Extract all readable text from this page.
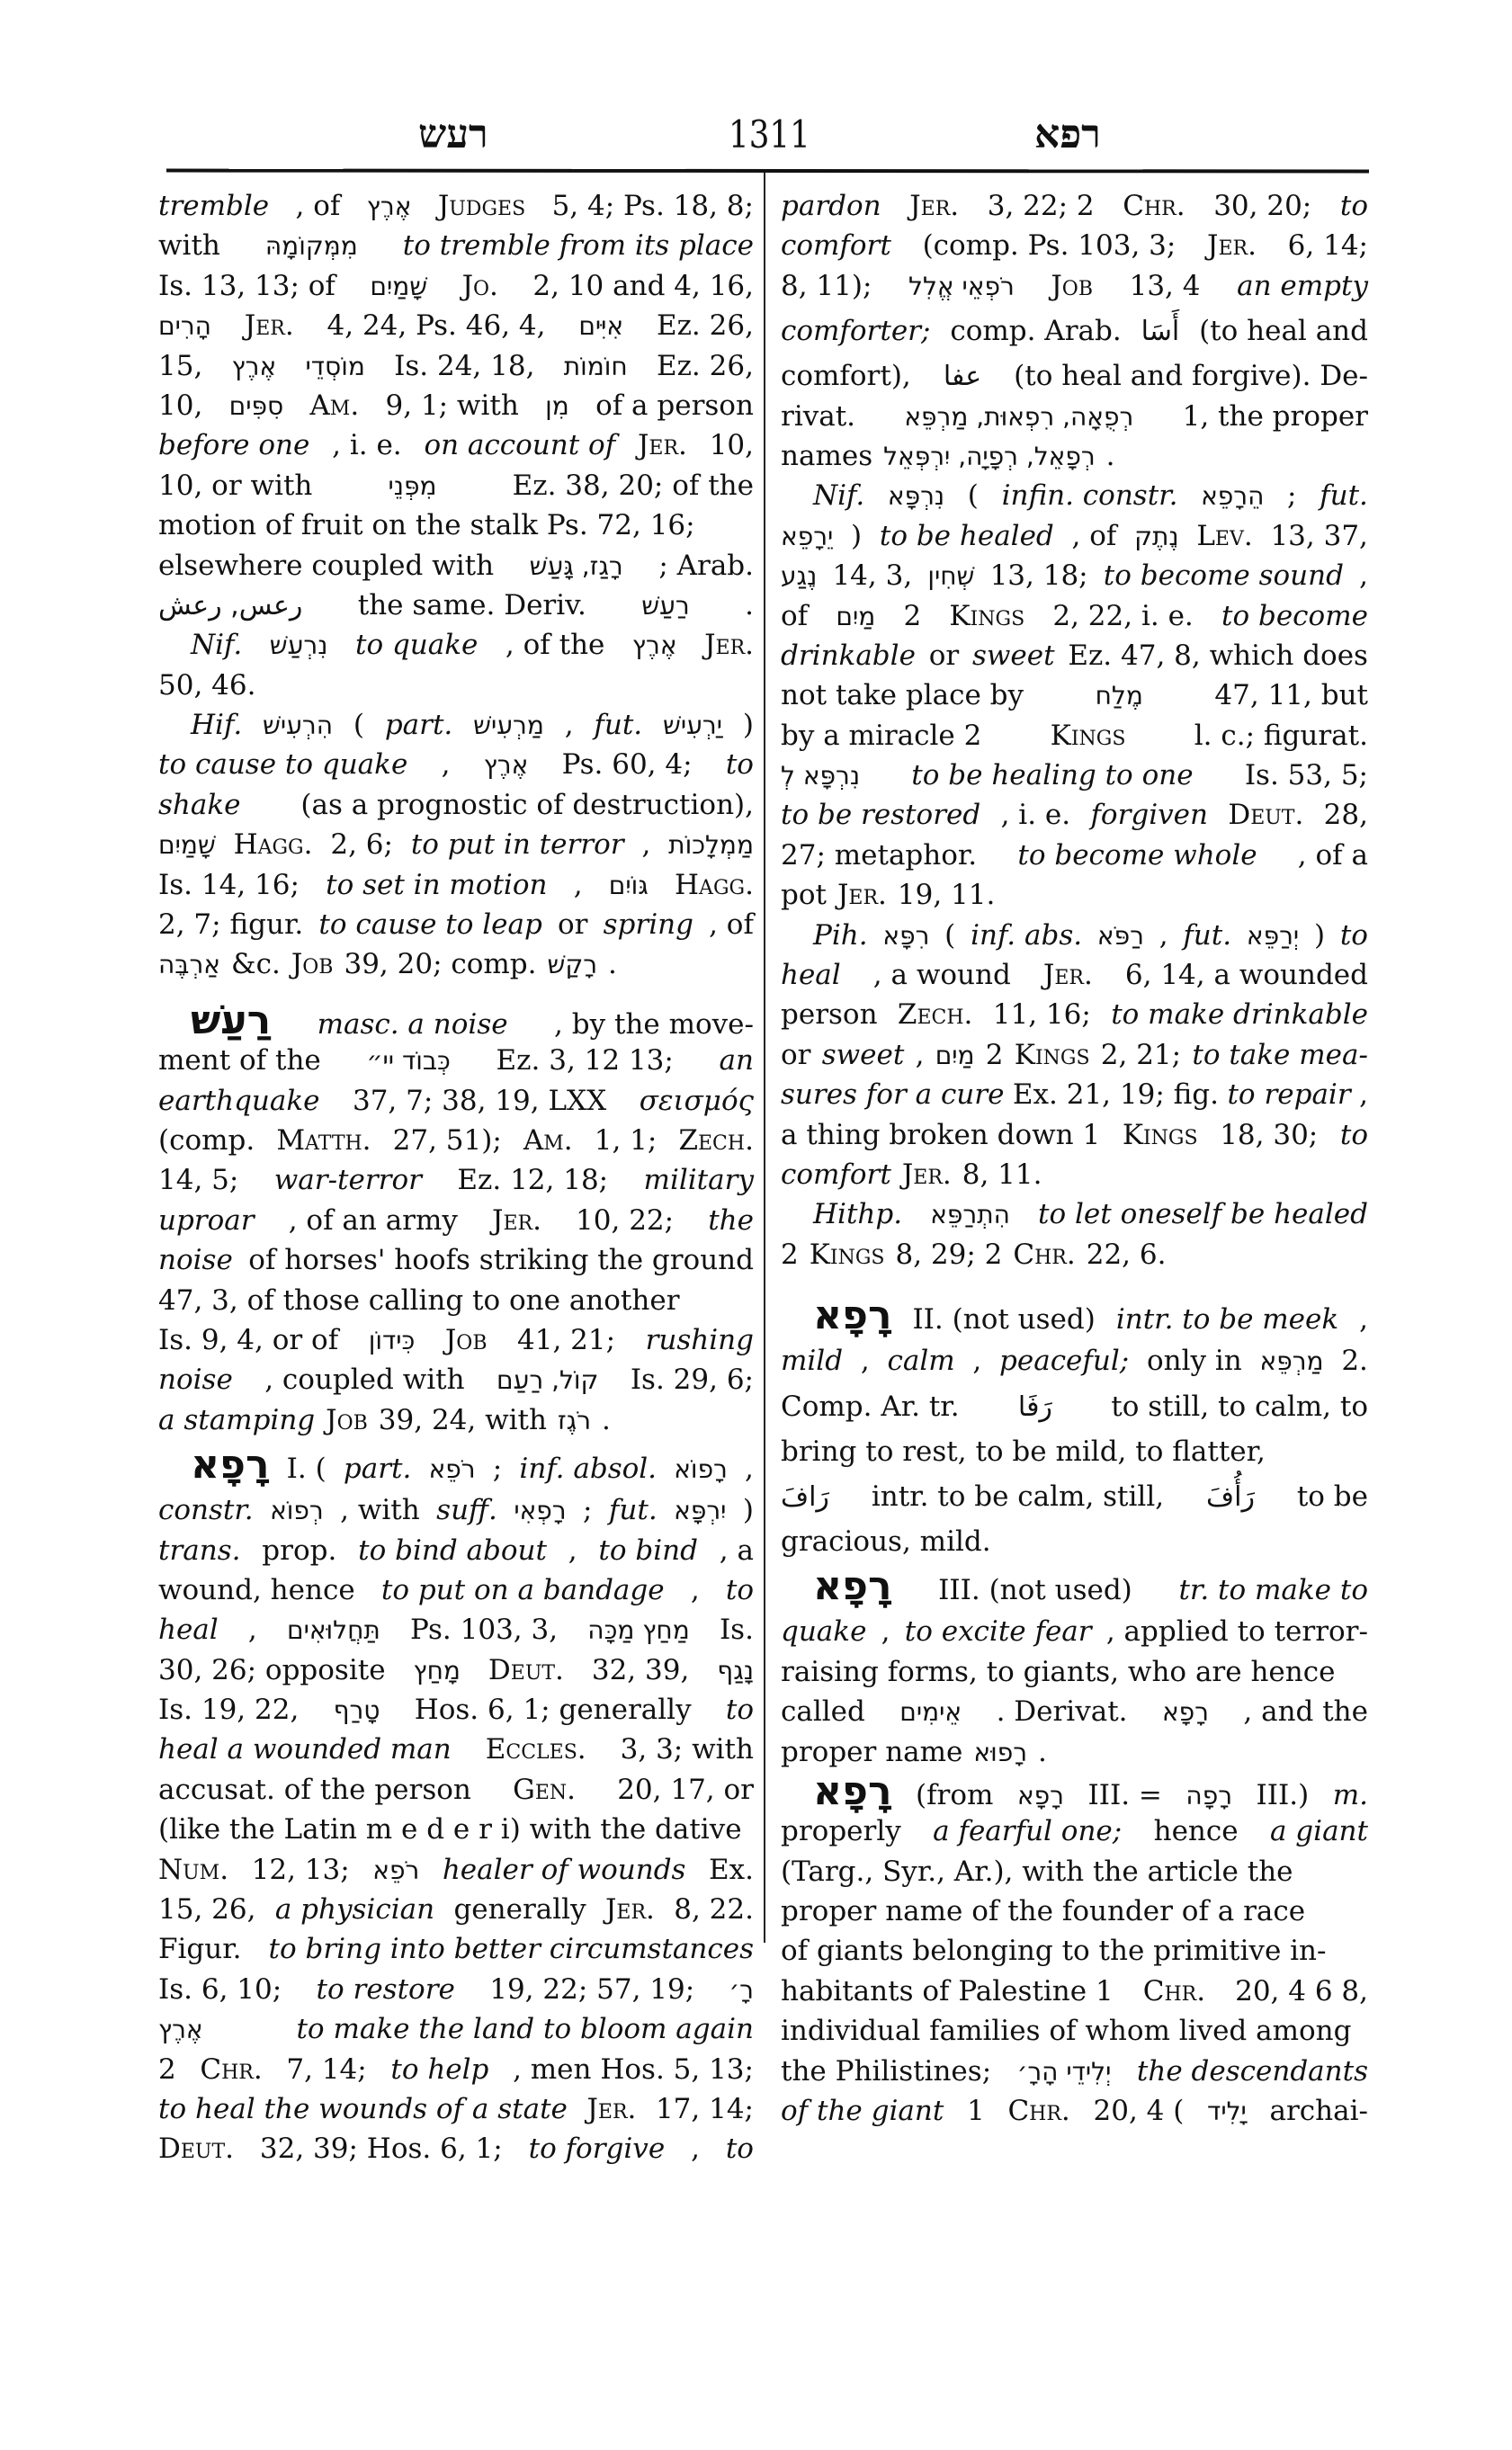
רעש	1311	רפא
tremble , of אֶרֶץ Judges 5, 4; Ps. 18, 8;
with מִמְּקוֹמָהּ to tremble from its place
Is. 13, 13; of שָׁמַיִם Jo. 2, 10 and 4, 16,
הָרִים Jer. 4, 24, Ps. 46, 4, אִיִּים Ez. 26,
15, אֶרֶץ מוֹסְדֵי Is. 24, 18, חוֹמוֹת Ez. 26,
10, סִפִּים Am. 9, 1; with מִן of a person
before one , i. e. on account of Jer. 10,
10, or with	מִפְּנֵי	Ez. 38, 20; of the
motion of fruit on the stalk Ps. 72, 16;
elsewhere coupled with רָגַז, גָּעַשׁ ; Arab.
رعس, رعش the same. Deriv. רַעַשׁ .
Nif. נִרְעַשׁ to quake , of the אֶרֶץ Jer.
50, 46.
Hif. הִרְעִישׁ ( part. מַרְעִישׁ , fut. יַרְעִישׁ )
to cause to quake , אֶרֶץ Ps. 60, 4; to
shake (as a prognostic of destruction),
שָׁמַיִם Hagg. 2, 6; to put in terror , מַמְלָכוֹת
Is. 14, 16; to set in motion , גּוֹיִם Hagg.
2, 7; figur. to cause to leap or spring , of
אַרְבֶּה &c. Job 39, 20; comp. רָקַשׁ .
רַעַשׁ masc. a noise , by the move-
ment of the כְּבוֹד יי״ Ez. 3, 12 13; an
earthquake 37, 7; 38, 19, LXX σεισμός
(comp. Matth. 27, 51); Am. 1, 1; Zech.
14, 5; war-terror Ez. 12, 18; military
uproar , of an army Jer. 10, 22; the
noise of horses' hoofs striking the ground
47, 3, of those calling to one another
Is. 9, 4, or of כִּידוֹן Job 41, 21; rushing
noise , coupled with קוֹל, רַעַם Is. 29, 6;
a stamping Job 39, 24, with רֹגֶז .
רָפָא I. ( part. רֹפֵא ; inf. absol. רָפוֹא ,
constr. רְפוֹא , with suff. רָפְאִי ; fut. יִרְפָּא )
trans. prop. to bind about , to bind , a
wound, hence to put on a bandage , to
heal , תַּחֲלוּאִים Ps. 103, 3, מַחַץ מַכָּה Is.
30, 26; opposite מָחַץ Deut. 32, 39, נָגַף
Is. 19, 22, טָרַף Hos. 6, 1; generally to
heal a wounded man Eccles. 3, 3; with
accusat. of the person Gen. 20, 17, or
(like the Latin m e d e r i) with the dative
Num. 12, 13; רֹפֵא healer of wounds Ex.
15, 26, a physician generally Jer. 8, 22.
Figur. to bring into better circumstances
Is. 6, 10; to restore 19, 22; 57, 19; רָ׳
אֶרֶץ	to make the land to bloom again
2 Chr. 7, 14; to help , men Hos. 5, 13;
to heal the wounds of a state Jer. 17, 14;
Deut. 32, 39; Hos. 6, 1; to forgive , to
pardon Jer. 3, 22; 2 Chr. 30, 20; to
comfort (comp. Ps. 103, 3; Jer. 6, 14;
8, 11); רֹפְאֵי אֱלִל Job 13, 4 an empty
comforter; comp. Arab. أَسَا (to heal and
comfort), عفا (to heal and forgive). De-
rivat. רְפֻאָה, רִפְאוּת, מַרְפֵּא 1, the proper
names רְפָאֵל, רְפָיָה, יִרְפְּאֵל .
Nif. נִרְפָּא ( infin. constr. הֵרָפֵא ; fut.
יֵרָפֵא ) to be healed , of נֶתֶק Lev. 13, 37,
נֶגַע 14, 3, שְׁחִין 13, 18; to become sound ,
of מַיִם 2 Kings 2, 22, i. e. to become
drinkable or sweet Ez. 47, 8, which does
not take place by	מֶלַח	47, 11, but
by a miracle 2 Kings l. c.; figurat.
נִרְפָּא לְ to be healing to one Is. 53, 5;
to be restored , i. e. forgiven Deut. 28,
27; metaphor. to become whole , of a
pot Jer. 19, 11.
Pih. רִפָּא ( inf. abs. רַפֹּא , fut. יְרַפֵּא ) to
heal , a wound Jer. 6, 14, a wounded
person Zech. 11, 16; to make drinkable
or sweet , מַיִם 2 Kings 2, 21; to take mea-
sures for a cure Ex. 21, 19; fig. to repair ,
a thing broken down 1 Kings 18, 30; to
comfort Jer. 8, 11.
Hithp. הִתְרַפֵּא to let oneself be healed
2 Kings 8, 29; 2 Chr. 22, 6.
רָפָא II. (not used) intr. to be meek ,
mild , calm , peaceful; only in מַרְפֵּא 2.
Comp. Ar. tr. رَفَا to still, to calm, to
bring to rest, to be mild, to flatter,
رَافَ intr. to be calm, still, رَأُفَ to be
gracious, mild.
רָפָא III. (not used) tr. to make to
quake , to excite fear , applied to terror-
raising forms, to giants, who are hence
called אֵימִים . Derivat. רָפָא , and the
proper name רָפוּא .
רָפָא (from רָפָא III. = רָפָה III.) m.
properly a fearful one; hence a giant
(Targ., Syr., Ar.), with the article the
proper name of the founder of a race
of giants belonging to the primitive in-
habitants of Palestine 1 Chr. 20, 4 6 8,
individual families of whom lived among
the Philistines; יְלִידֵי הָרָ׳ the descendants
of the giant 1 Chr. 20, 4 ( יָלִיד archai-
